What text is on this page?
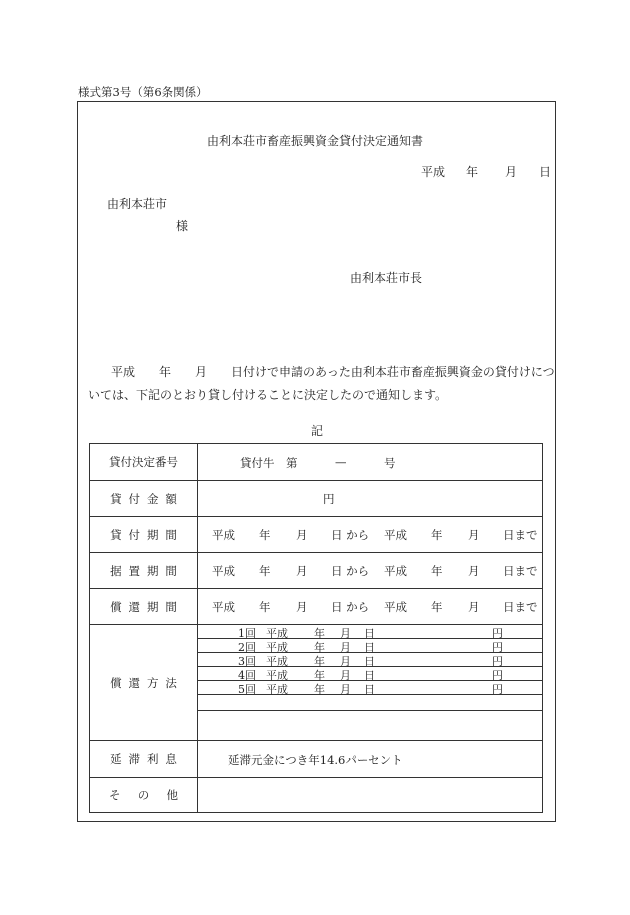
様式第3号（第6条関係）
由利本荘市畜産振興資金貸付決定通知書
平成 年 月 日
由利本荘市
様
由利本荘市長
平成　　年　　月　　日付けで申請のあった由利本荘市畜産振興資金の貸付けにつ
いては、下記のとおり貸し付けることに決定したので通知します。
記
貸付決定番号	貸付牛　第	—	号

貸付金額	円

貸付期間	平成 年 月 日 から 平成 年 月 日まで

据置期間	平成 年 月 日 から 平成 年 月 日まで

償還期間	平成 年 月 日 から 平成 年 月 日まで

償還方法	
1回 平成 年 月 日	円

2回 平成 年 月 日	円

3回 平成 年 月 日	円

4回 平成 年 月 日	円

5回 平成 年 月 日	円

延滞利息	延滞元金につき年14.6パーセント

その他	
